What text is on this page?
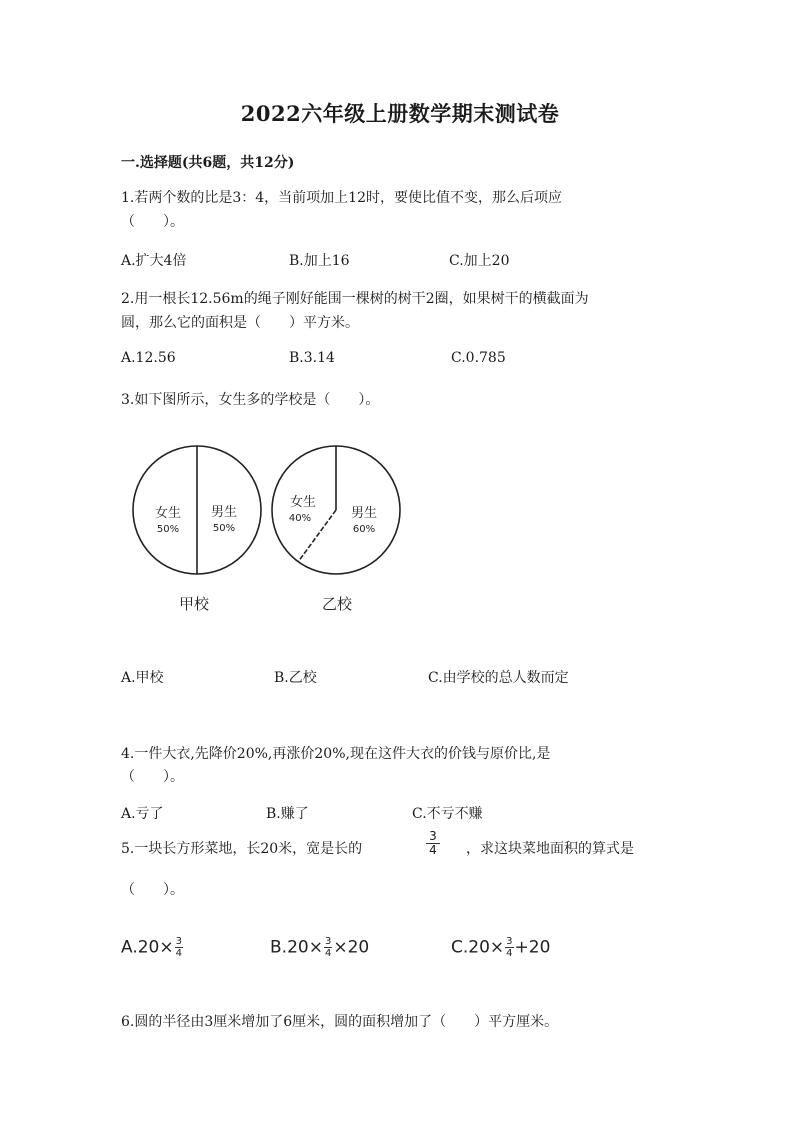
2022六年级上册数学期末测试卷
一.选择题(共6题，共12分)
1.若两个数的比是3：4，当前项加上12时，要使比值不变，那么后项应
（　　）。
A.扩大4倍	B.加上16	C.加上20
2.用一根长12.56m的绳子刚好能围一棵树的树干2圈，如果树干的横截面为
圆，那么它的面积是（　　）平方米。
A.12.56	B.3.14	C.0.785
3.如下图所示，女生多的学校是（　　）。
女生
50%
男生
50%
甲校
女生
40%	男生
60%
乙校
A.甲校	B.乙校	C.由学校的总人数而定
4.一件大衣,先降价20%,再涨价20%,现在这件大衣的价钱与原价比,是
（　　）。
A.亏了	B.赚了	C.不亏不赚
5.一块长方形菜地，长20米，宽是长的	$\frac{3}{4}$ ，求这块菜地面积的算式是
（　　）。
$A.20\times \frac{3}{4}$	$B.20\times \frac{3}{4} \times 20$	$C.20\times \frac{3}{4} +20$
6.圆的半径由3厘米增加了6厘米，圆的面积增加了（　　）平方厘米。
